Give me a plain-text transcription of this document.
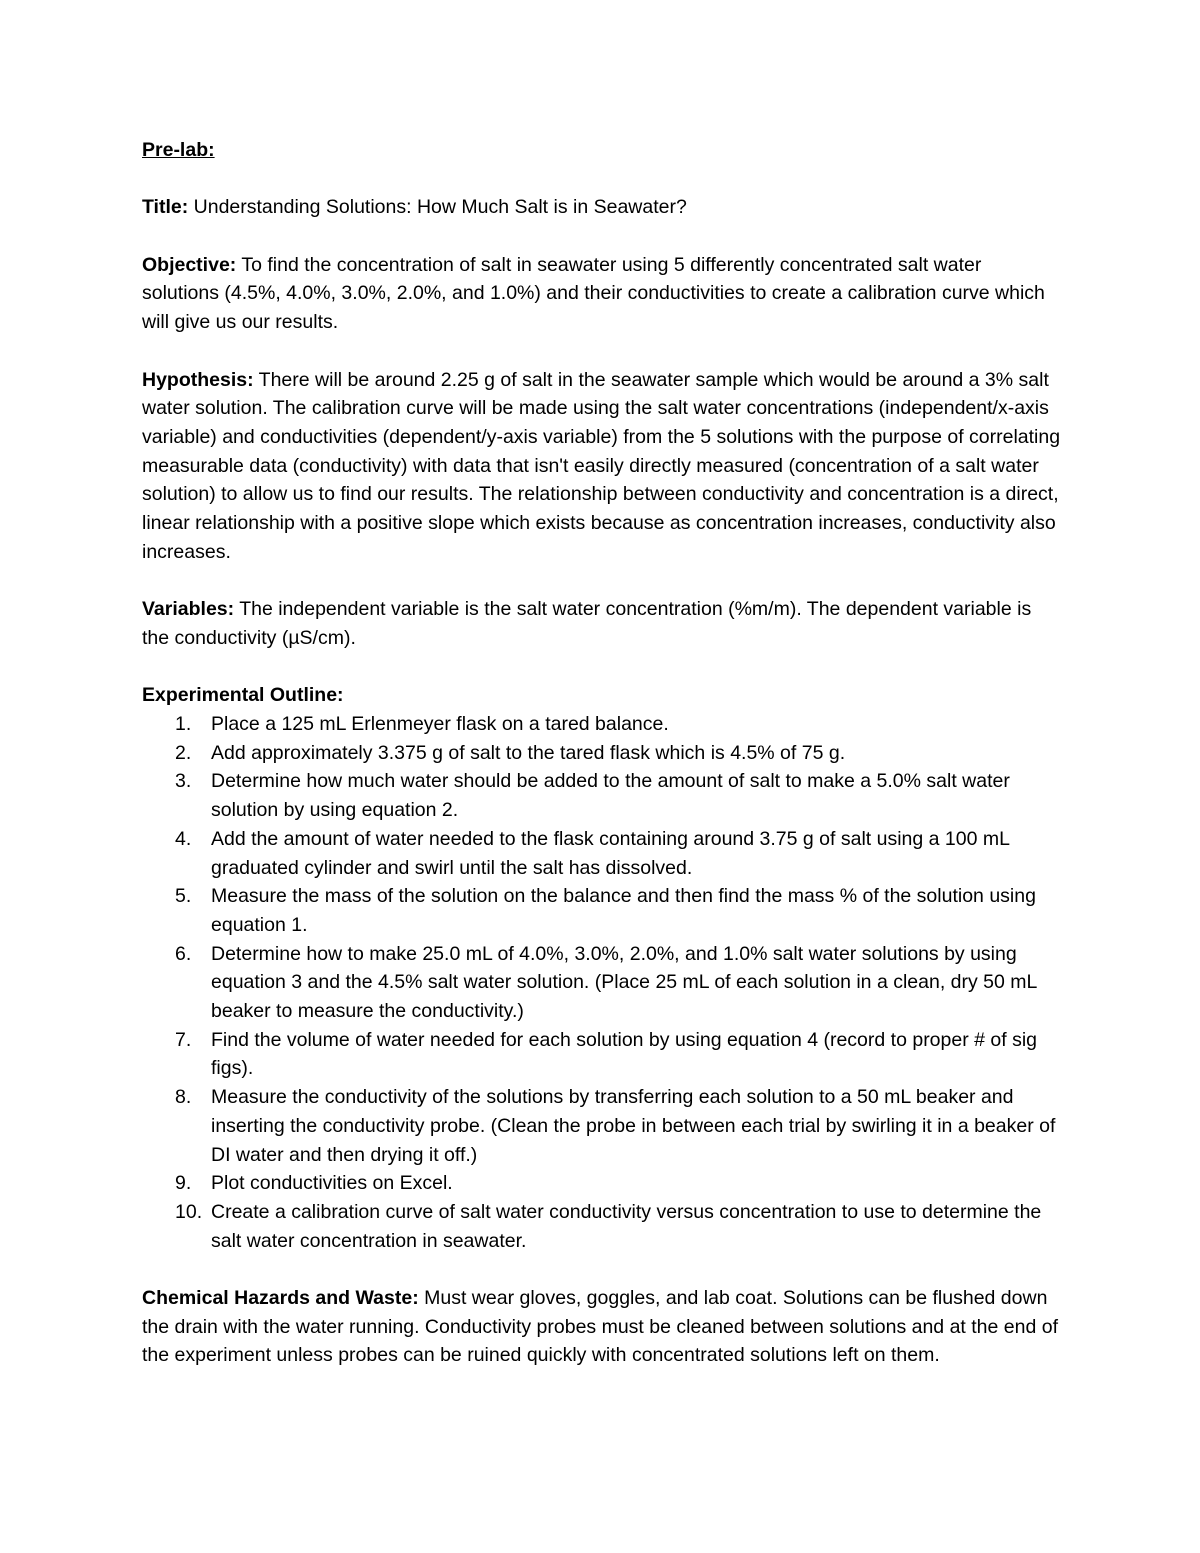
Pre-lab:

Title: Understanding Solutions: How Much Salt is in Seawater?

Objective: To find the concentration of salt in seawater using 5 differently concentrated salt water solutions (4.5%, 4.0%, 3.0%, 2.0%, and 1.0%) and their conductivities to create a calibration curve which will give us our results.

Hypothesis: There will be around 2.25 g of salt in the seawater sample which would be around a 3% salt water solution. The calibration curve will be made using the salt water concentrations (independent/x-axis variable) and conductivities (dependent/y-axis variable) from the 5 solutions with the purpose of correlating measurable data (conductivity) with data that isn't easily directly measured (concentration of a salt water solution) to allow us to find our results. The relationship between conductivity and concentration is a direct, linear relationship with a positive slope which exists because as concentration increases, conductivity also increases.

Variables: The independent variable is the salt water concentration (%m/m). The dependent variable is the conductivity (µS/cm).

Experimental Outline:

1. Place a 125 mL Erlenmeyer flask on a tared balance.
2. Add approximately 3.375 g of salt to the tared flask which is 4.5% of 75 g.
3. Determine how much water should be added to the amount of salt to make a 5.0% salt water solution by using equation 2.
4. Add the amount of water needed to the flask containing around 3.75 g of salt using a 100 mL graduated cylinder and swirl until the salt has dissolved.
5. Measure the mass of the solution on the balance and then find the mass % of the solution using equation 1.
6. Determine how to make 25.0 mL of 4.0%, 3.0%, 2.0%, and 1.0% salt water solutions by using equation 3 and the 4.5% salt water solution. (Place 25 mL of each solution in a clean, dry 50 mL beaker to measure the conductivity.)
7. Find the volume of water needed for each solution by using equation 4 (record to proper # of sig figs).
8. Measure the conductivity of the solutions by transferring each solution to a 50 mL beaker and inserting the conductivity probe. (Clean the probe in between each trial by swirling it in a beaker of DI water and then drying it off.)
9. Plot conductivities on Excel.
10. Create a calibration curve of salt water conductivity versus concentration to use to determine the salt water concentration in seawater.

Chemical Hazards and Waste: Must wear gloves, goggles, and lab coat. Solutions can be flushed down the drain with the water running. Conductivity probes must be cleaned between solutions and at the end of the experiment unless probes can be ruined quickly with concentrated solutions left on them.
